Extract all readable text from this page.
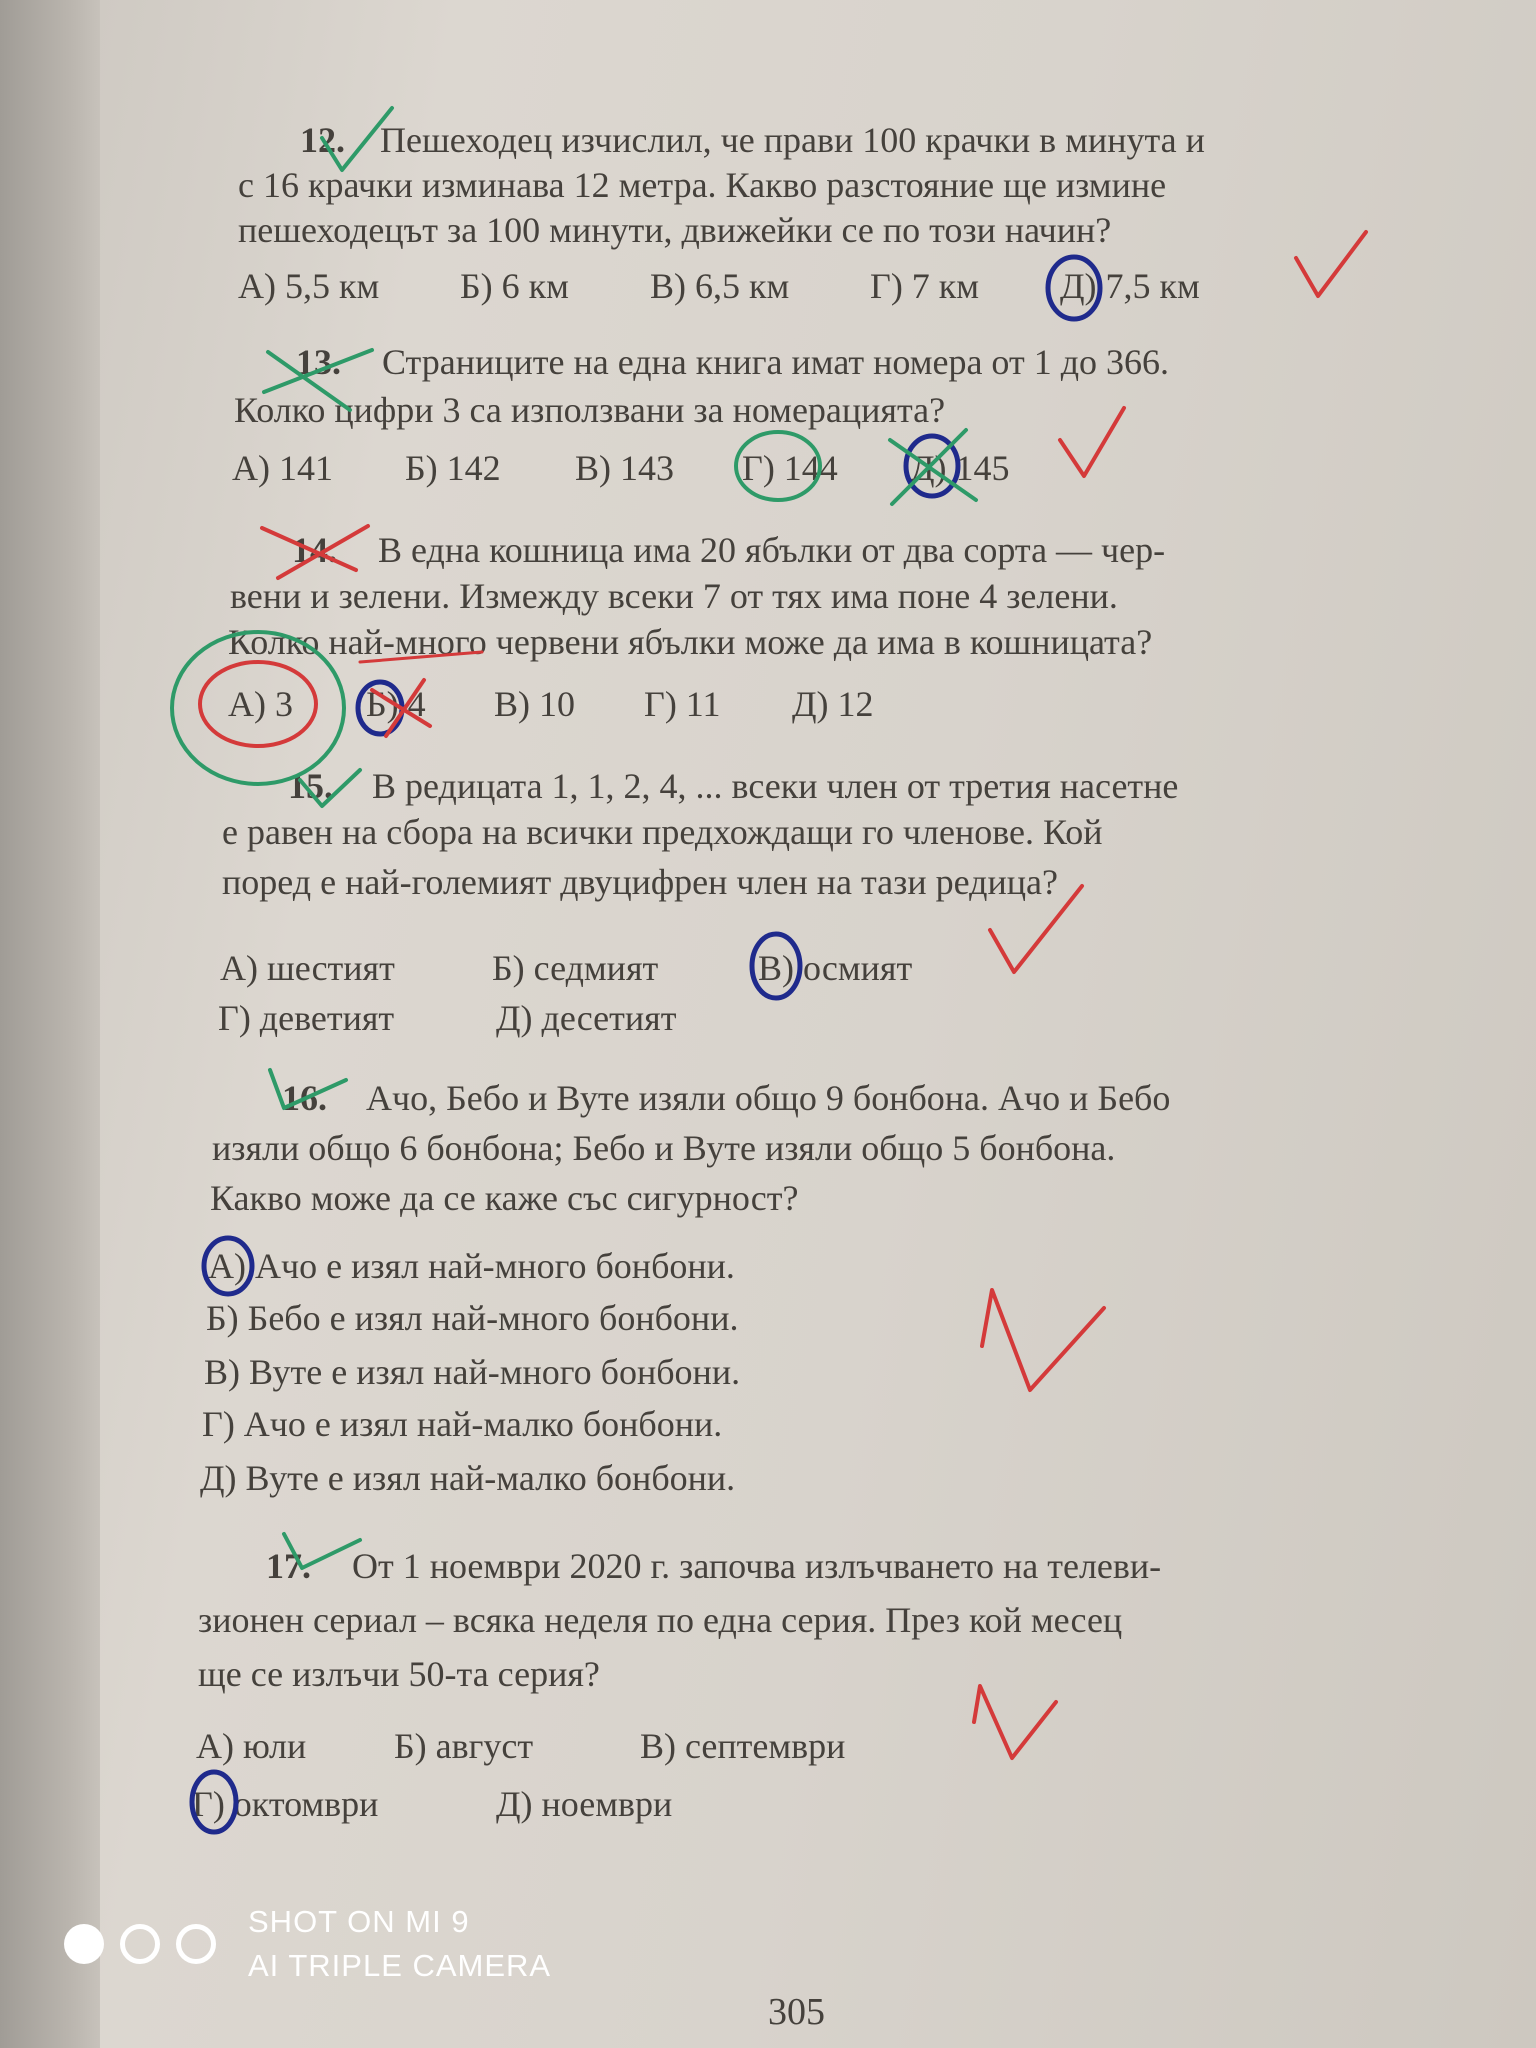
12. Пешеходец изчислил, че прави 100 крачки в минута и
с 16 крачки изминава 12 метра. Какво разстояние ще измине
пешеходецът за 100 минути, движейки се по този начин?
А) 5,5 км Б) 6 км В) 6,5 км Г) 7 км Д) 7,5 км
13. Страниците на една книга имат номера от 1 до 366.
Колко цифри 3 са използвани за номерацията?
А) 141 Б) 142 В) 143 Г) 144 Д) 145
14. В една кошница има 20 ябълки от два сорта — чер-
вени и зелени. Измежду всеки 7 от тях има поне 4 зелени.
Колко най-много червени ябълки може да има в кошницата?
А) 3 Б) 4 В) 10 Г) 11 Д) 12
15. В редицата 1, 1, 2, 4, ... всеки член от третия насетне
е равен на сбора на всички предхождащи го членове. Кой
поред е най-големият двуцифрен член на тази редица?
А) шестият	Б) седмият	В) осмият
Г) деветият	Д) десетият
16. Ачо, Бебо и Вуте изяли общо 9 бонбона. Ачо и Бебо
изяли общо 6 бонбона; Бебо и Вуте изяли общо 5 бонбона.
Какво може да се каже със сигурност?
А) Ачо е изял най-много бонбони.
Б) Бебо е изял най-много бонбони.
В) Вуте е изял най-много бонбони.
Г) Ачо е изял най-малко бонбони.
Д) Вуте е изял най-малко бонбони.
17. От 1 ноември 2020 г. започва излъчването на телеви-
зионен сериал – всяка неделя по една серия. През кой месец
ще се излъчи 50-та серия?
А) юли Б) август	В) септември
Г) октомври	Д) ноември
SHOT ON MI 9
AI TRIPLE CAMERA
305
